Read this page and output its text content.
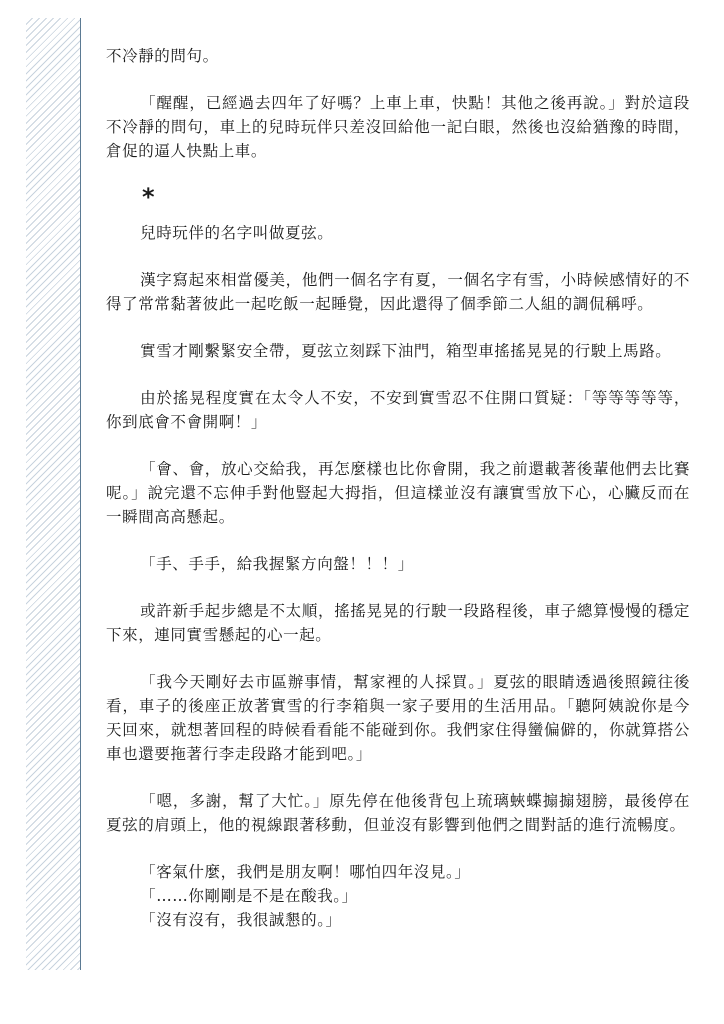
不冷靜的問句。

「醒醒，已經過去四年了好嗎？上車上車，快點！其他之後再說。」對於這段不冷靜的問句，車上的兒時玩伴只差沒回給他一記白眼，然後也沒給猶豫的時間，倉促的逼人快點上車。

*

兒時玩伴的名字叫做夏弦。

漢字寫起來相當優美，他們一個名字有夏，一個名字有雪，小時候感情好的不得了常常黏著彼此一起吃飯一起睡覺，因此還得了個季節二人組的調侃稱呼。

實雪才剛繫緊安全帶，夏弦立刻踩下油門，箱型車搖搖晃晃的行駛上馬路。

由於搖晃程度實在太令人不安，不安到實雪忍不住開口質疑：「等等等等等，你到底會不會開啊！」

「會、會，放心交給我，再怎麼樣也比你會開，我之前還載著後輩他們去比賽呢。」說完還不忘伸手對他豎起大拇指，但這樣並沒有讓實雪放下心，心臟反而在一瞬間高高懸起。

「手、手手，給我握緊方向盤！！！」

或許新手起步總是不太順，搖搖晃晃的行駛一段路程後，車子總算慢慢的穩定下來，連同實雪懸起的心一起。

「我今天剛好去市區辦事情，幫家裡的人採買。」夏弦的眼睛透過後照鏡往後看，車子的後座正放著實雪的行李箱與一家子要用的生活用品。「聽阿姨說你是今天回來，就想著回程的時候看看能不能碰到你。我們家住得蠻偏僻的，你就算搭公車也還要拖著行李走段路才能到吧。」

「嗯，多謝，幫了大忙。」原先停在他後背包上琉璃蛺蝶搧搧翅膀，最後停在夏弦的肩頭上，他的視線跟著移動，但並沒有影響到他們之間對話的進行流暢度。

「客氣什麼，我們是朋友啊！哪怕四年沒見。」

「……你剛剛是不是在酸我。」

「沒有沒有，我很誠懇的。」
